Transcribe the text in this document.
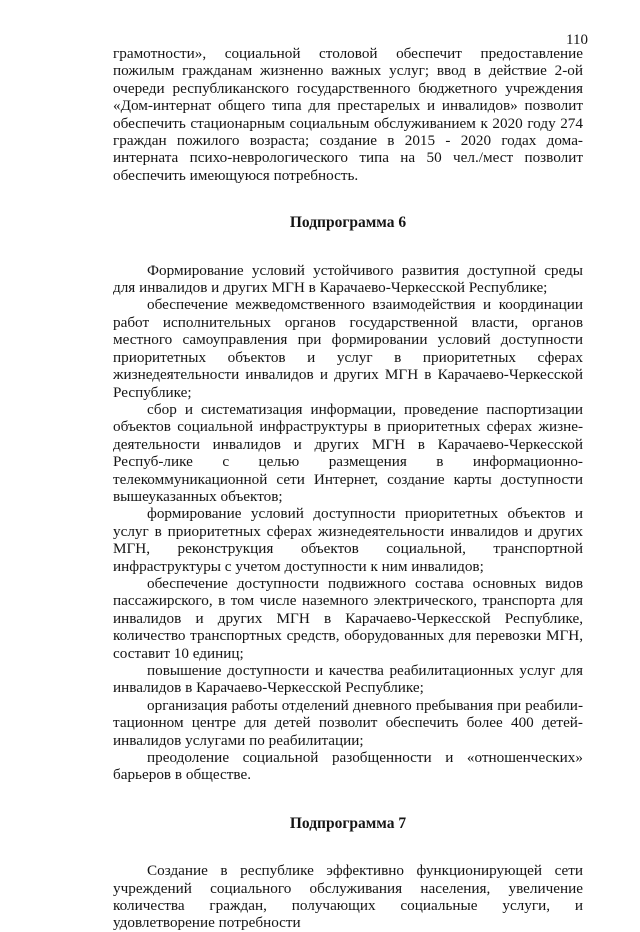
110

грамотности», социальной столовой обеспечит предоставление пожилым гражданам жизненно важных услуг; ввод в действие 2-ой очереди республиканского государственного бюджетного учреждения «Дом-интернат общего типа для престарелых и инвалидов» позволит обеспечить стационарным социальным обслуживанием к 2020 году 274 граждан пожилого возраста; создание в 2015 - 2020 годах дома-интерната психо-неврологического типа на 50 чел./мест позволит обеспечить имеющуюся потребность.

Подпрограмма 6

Формирование условий устойчивого развития доступной среды для инвалидов и других МГН в Карачаево-Черкесской Республике;

обеспечение межведомственного взаимодействия и координации работ исполнительных органов государственной власти, органов местного самоуправления при формировании условий доступности приоритетных объектов и услуг в приоритетных сферах жизнедеятельности инвалидов и других МГН в Карачаево-Черкесской Республике;

сбор и систематизация информации, проведение паспортизации объектов социальной инфраструктуры в приоритетных сферах жизне-деятельности инвалидов и других МГН в Карачаево-Черкесской Респуб-лике с целью размещения в информационно-телекоммуникационной сети Интернет, создание карты доступности вышеуказанных объектов;

формирование условий доступности приоритетных объектов и услуг в приоритетных сферах жизнедеятельности инвалидов и других МГН, реконструкция объектов социальной, транспортной инфраструктуры с учетом доступности к ним инвалидов;

обеспечение доступности подвижного состава основных видов пассажирского, в том числе наземного электрического, транспорта для инвалидов и других МГН в Карачаево-Черкесской Республике, количество транспортных средств, оборудованных для перевозки МГН, составит 10 единиц;

повышение доступности и качества реабилитационных услуг для инвалидов в Карачаево-Черкесской Республике;

организация работы отделений дневного пребывания при реабили-тационном центре для детей позволит обеспечить более 400 детей-инвалидов услугами по реабилитации;

преодоление социальной разобщенности и «отношенческих» барьеров в обществе.

Подпрограмма 7

Создание в республике эффективно функционирующей сети учреждений социального обслуживания населения, увеличение количества граждан, получающих социальные услуги, и удовлетворение потребности
